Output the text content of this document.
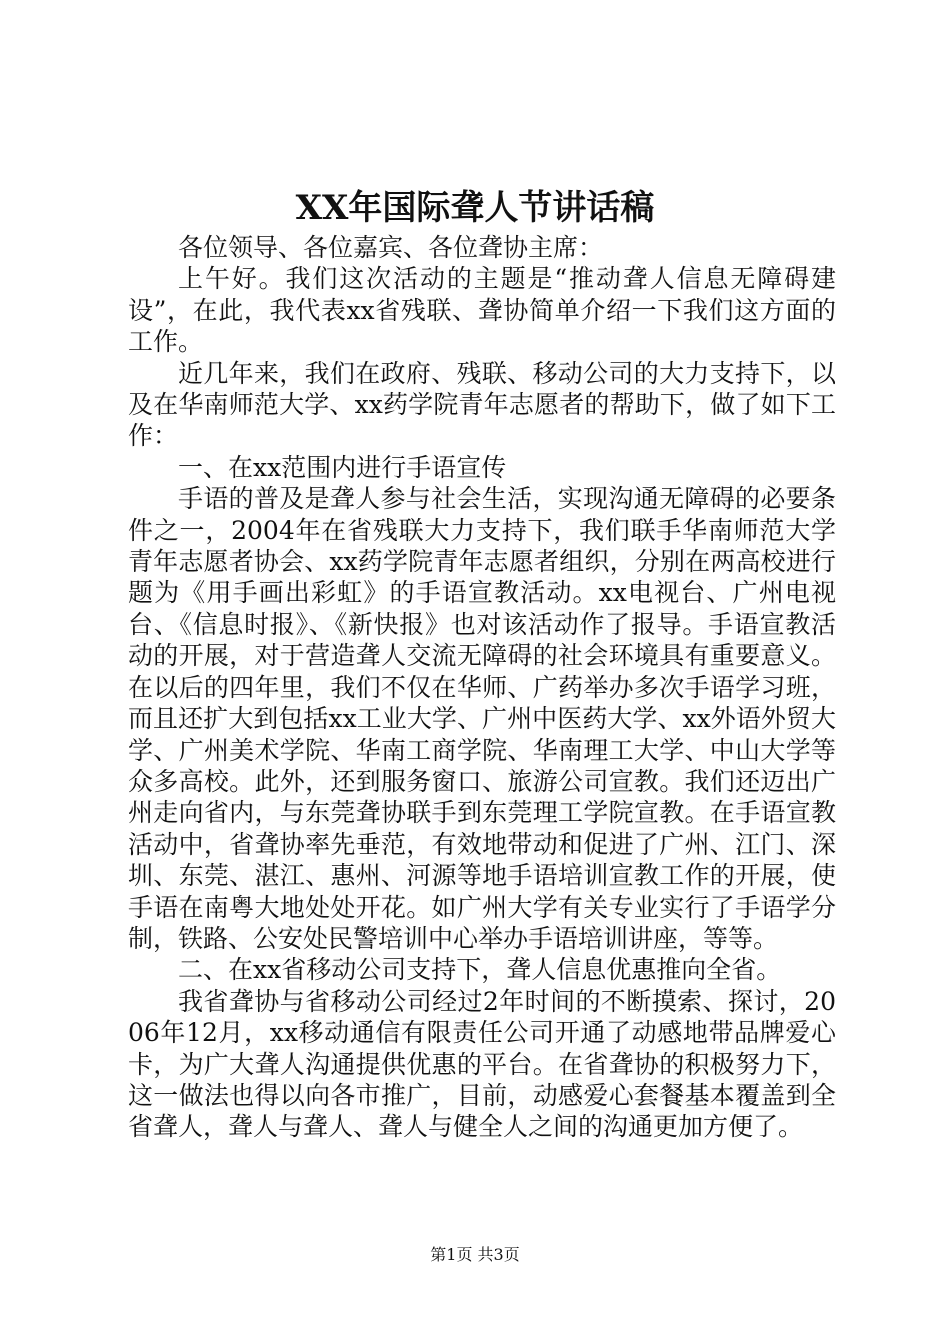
XX年国际聋人节讲话稿

各位领导、各位嘉宾、各位聋协主席：

上午好。我们这次活动的主题是“推动聋人信息无障碍建设”，在此，我代表xx省残联、聋协简单介绍一下我们这方面的工作。

近几年来，我们在政府、残联、移动公司的大力支持下，以及在华南师范大学、xx药学院青年志愿者的帮助下，做了如下工作：

一、在xx范围内进行手语宣传

手语的普及是聋人参与社会生活，实现沟通无障碍的必要条件之一，2004年在省残联大力支持下，我们联手华南师范大学青年志愿者协会、xx药学院青年志愿者组织，分别在两高校进行题为《用手画出彩虹》的手语宣教活动。xx电视台、广州电视台、《信息时报》、《新快报》也对该活动作了报导。手语宣教活动的开展，对于营造聋人交流无障碍的社会环境具有重要意义。在以后的四年里，我们不仅在华师、广药举办多次手语学习班，而且还扩大到包括xx工业大学、广州中医药大学、xx外语外贸大学、广州美术学院、华南工商学院、华南理工大学、中山大学等众多高校。此外，还到服务窗口、旅游公司宣教。我们还迈出广州走向省内，与东莞聋协联手到东莞理工学院宣教。在手语宣教活动中，省聋协率先垂范，有效地带动和促进了广州、江门、深圳、东莞、湛江、惠州、河源等地手语培训宣教工作的开展，使手语在南粤大地处处开花。如广州大学有关专业实行了手语学分制，铁路、公安处民警培训中心举办手语培训讲座，等等。

二、在xx省移动公司支持下，聋人信息优惠推向全省。

我省聋协与省移动公司经过2年时间的不断摸索、探讨，2006年12月，xx移动通信有限责任公司开通了动感地带品牌爱心卡，为广大聋人沟通提供优惠的平台。在省聋协的积极努力下，这一做法也得以向各市推广，目前，动感爱心套餐基本覆盖到全省聋人，聋人与聋人、聋人与健全人之间的沟通更加方便了。

第1页 共3页
